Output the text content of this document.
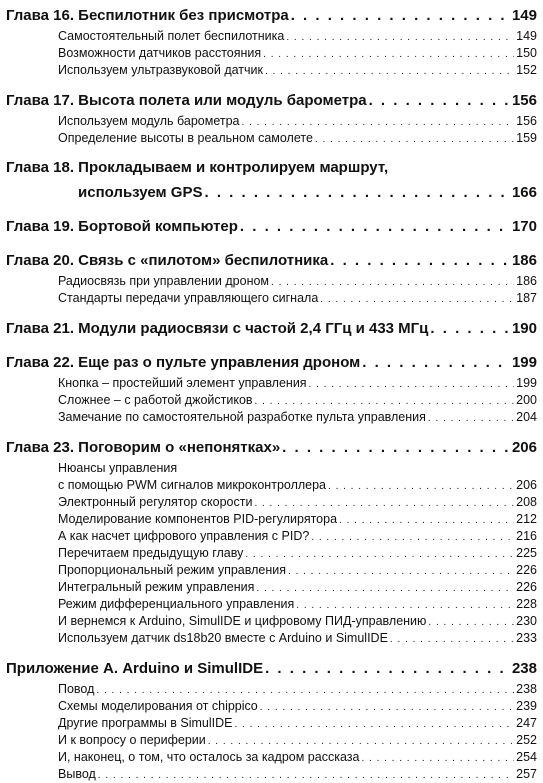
Глава 16. Беспилотник без присмотра . . .	149
Самостоятельный полет беспилотника . . .	149
Возможности датчиков расстояния . . .	150
Используем ультразвуковой датчик . . .	152
Глава 17. Высота полета или модуль барометра . . .	156
Используем модуль барометра . . .	156
Определение высоты в реальном самолете . . .	159
Глава 18. Прокладываем и контролируем маршрут,
используем GPS . . .	166
Глава 19. Бортовой компьютер . . .	170
Глава 20. Связь с «пилотом» беспилотника . . .	186
Радиосвязь при управлении дроном . . .	186
Стандарты передачи управляющего сигнала . . .	187
Глава 21. Модули радиосвязи с частой 2,4 ГГц и 433 МГц . . .	190
Глава 22. Еще раз о пульте управления дроном . . .	199
Кнопка – простейший элемент управления . . .	199
Сложнее – с работой джойстиков . . .	200
Замечание по самостоятельной разработке пульта управления . . .	204
Глава 23. Поговорим о «непонятках» . . .	206
Нюансы управления
с помощью PWM сигналов микроконтроллера . . .	206
Электронный регулятор скорости . . .	208
Моделирование компонентов PID-регулирятора . . .	212
А как насчет цифрового управления с PID? . . .	216
Перечитаем предыдущую главу . . .	225
Пропорциональный режим управления . . .	226
Интегральный режим управления . . .	226
Режим дифференциального управления . . .	228
И вернемся к Arduino, SimulIDE и цифровому ПИД-управлению . . .	230
Используем датчик ds18b20 вместе с Arduino и SimulIDE . . .	233
Приложение А. Arduino и SimulIDE . . .	238
Повод . . .	238
Схемы моделирования от chippico . . .	239
Другие программы в SimulIDE . . .	247
И к вопросу о периферии . . .	252
И, наконец, о том, что осталось за кадром рассказа . . .	254
Вывод . . .	257
